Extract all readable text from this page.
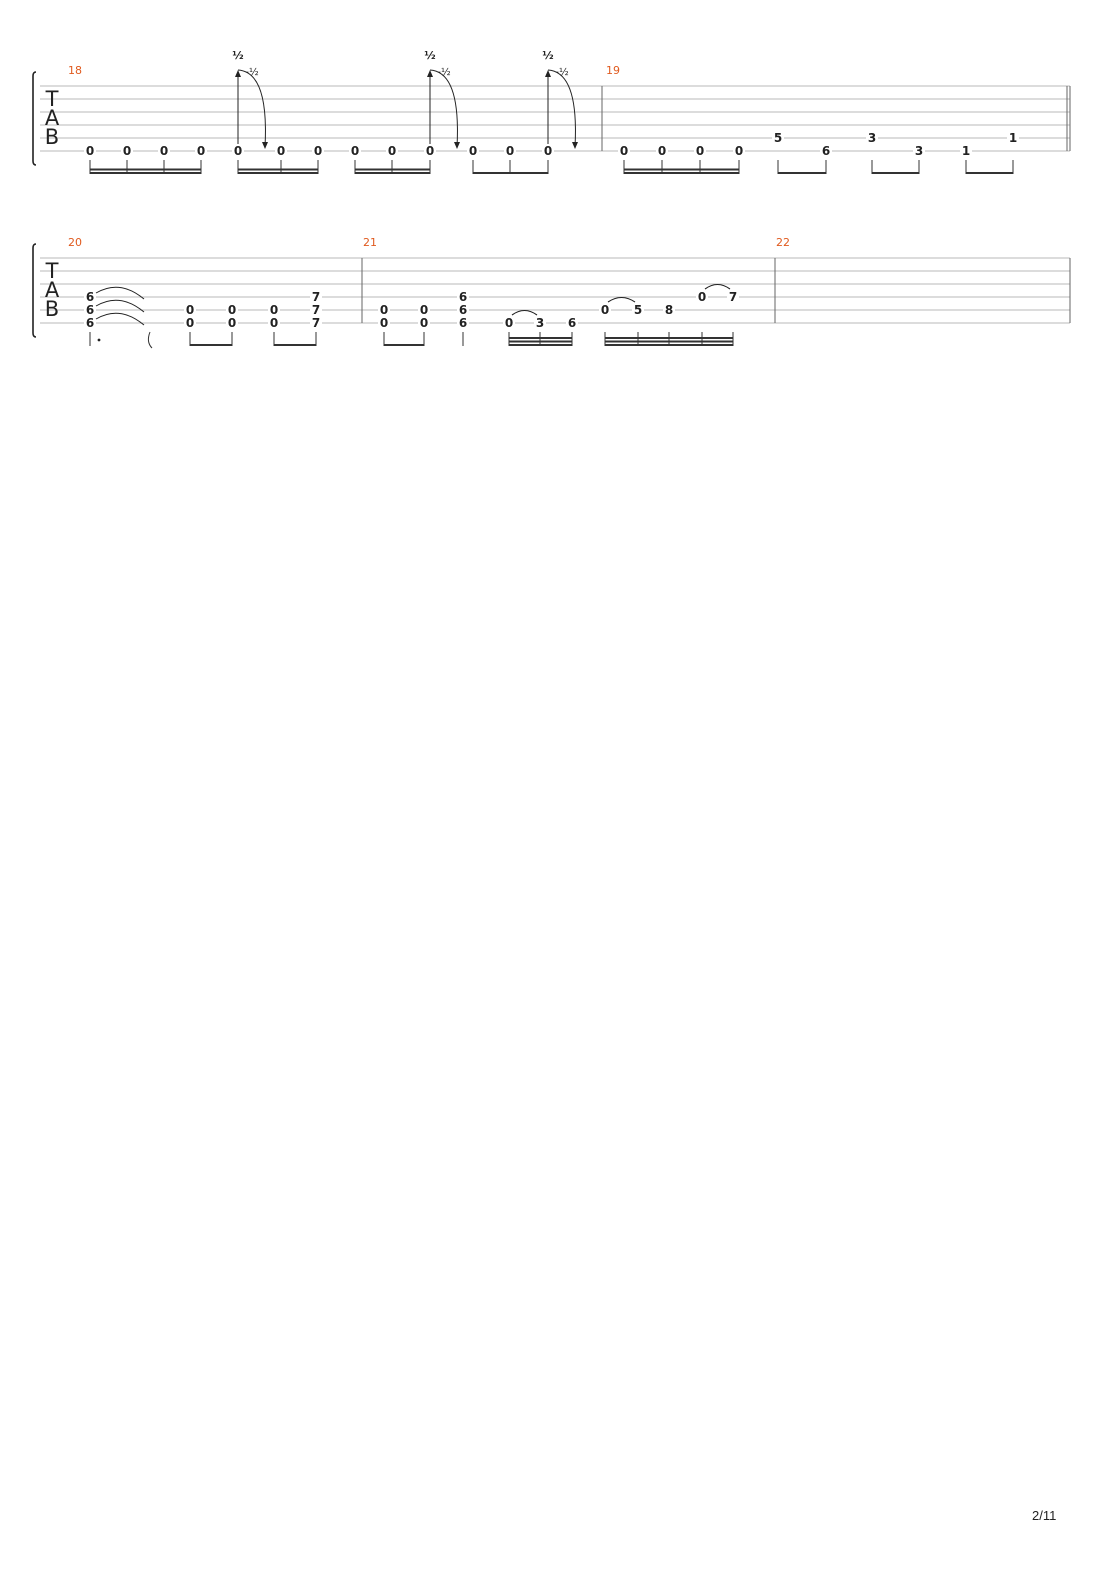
T
A
B
18
0 0 0 0 0
½
-½
0 0 0 0 0
½
-½
0 0 0
½
-½	19
0 0 0	0
5
6
3
3	1
1
T
A
B
20
6
6
6
0
0
0
0
0
0
7
7
7
21
0
0
0
0
6
6
6	0 3 6
0 5 8
0 7
22
2/11
